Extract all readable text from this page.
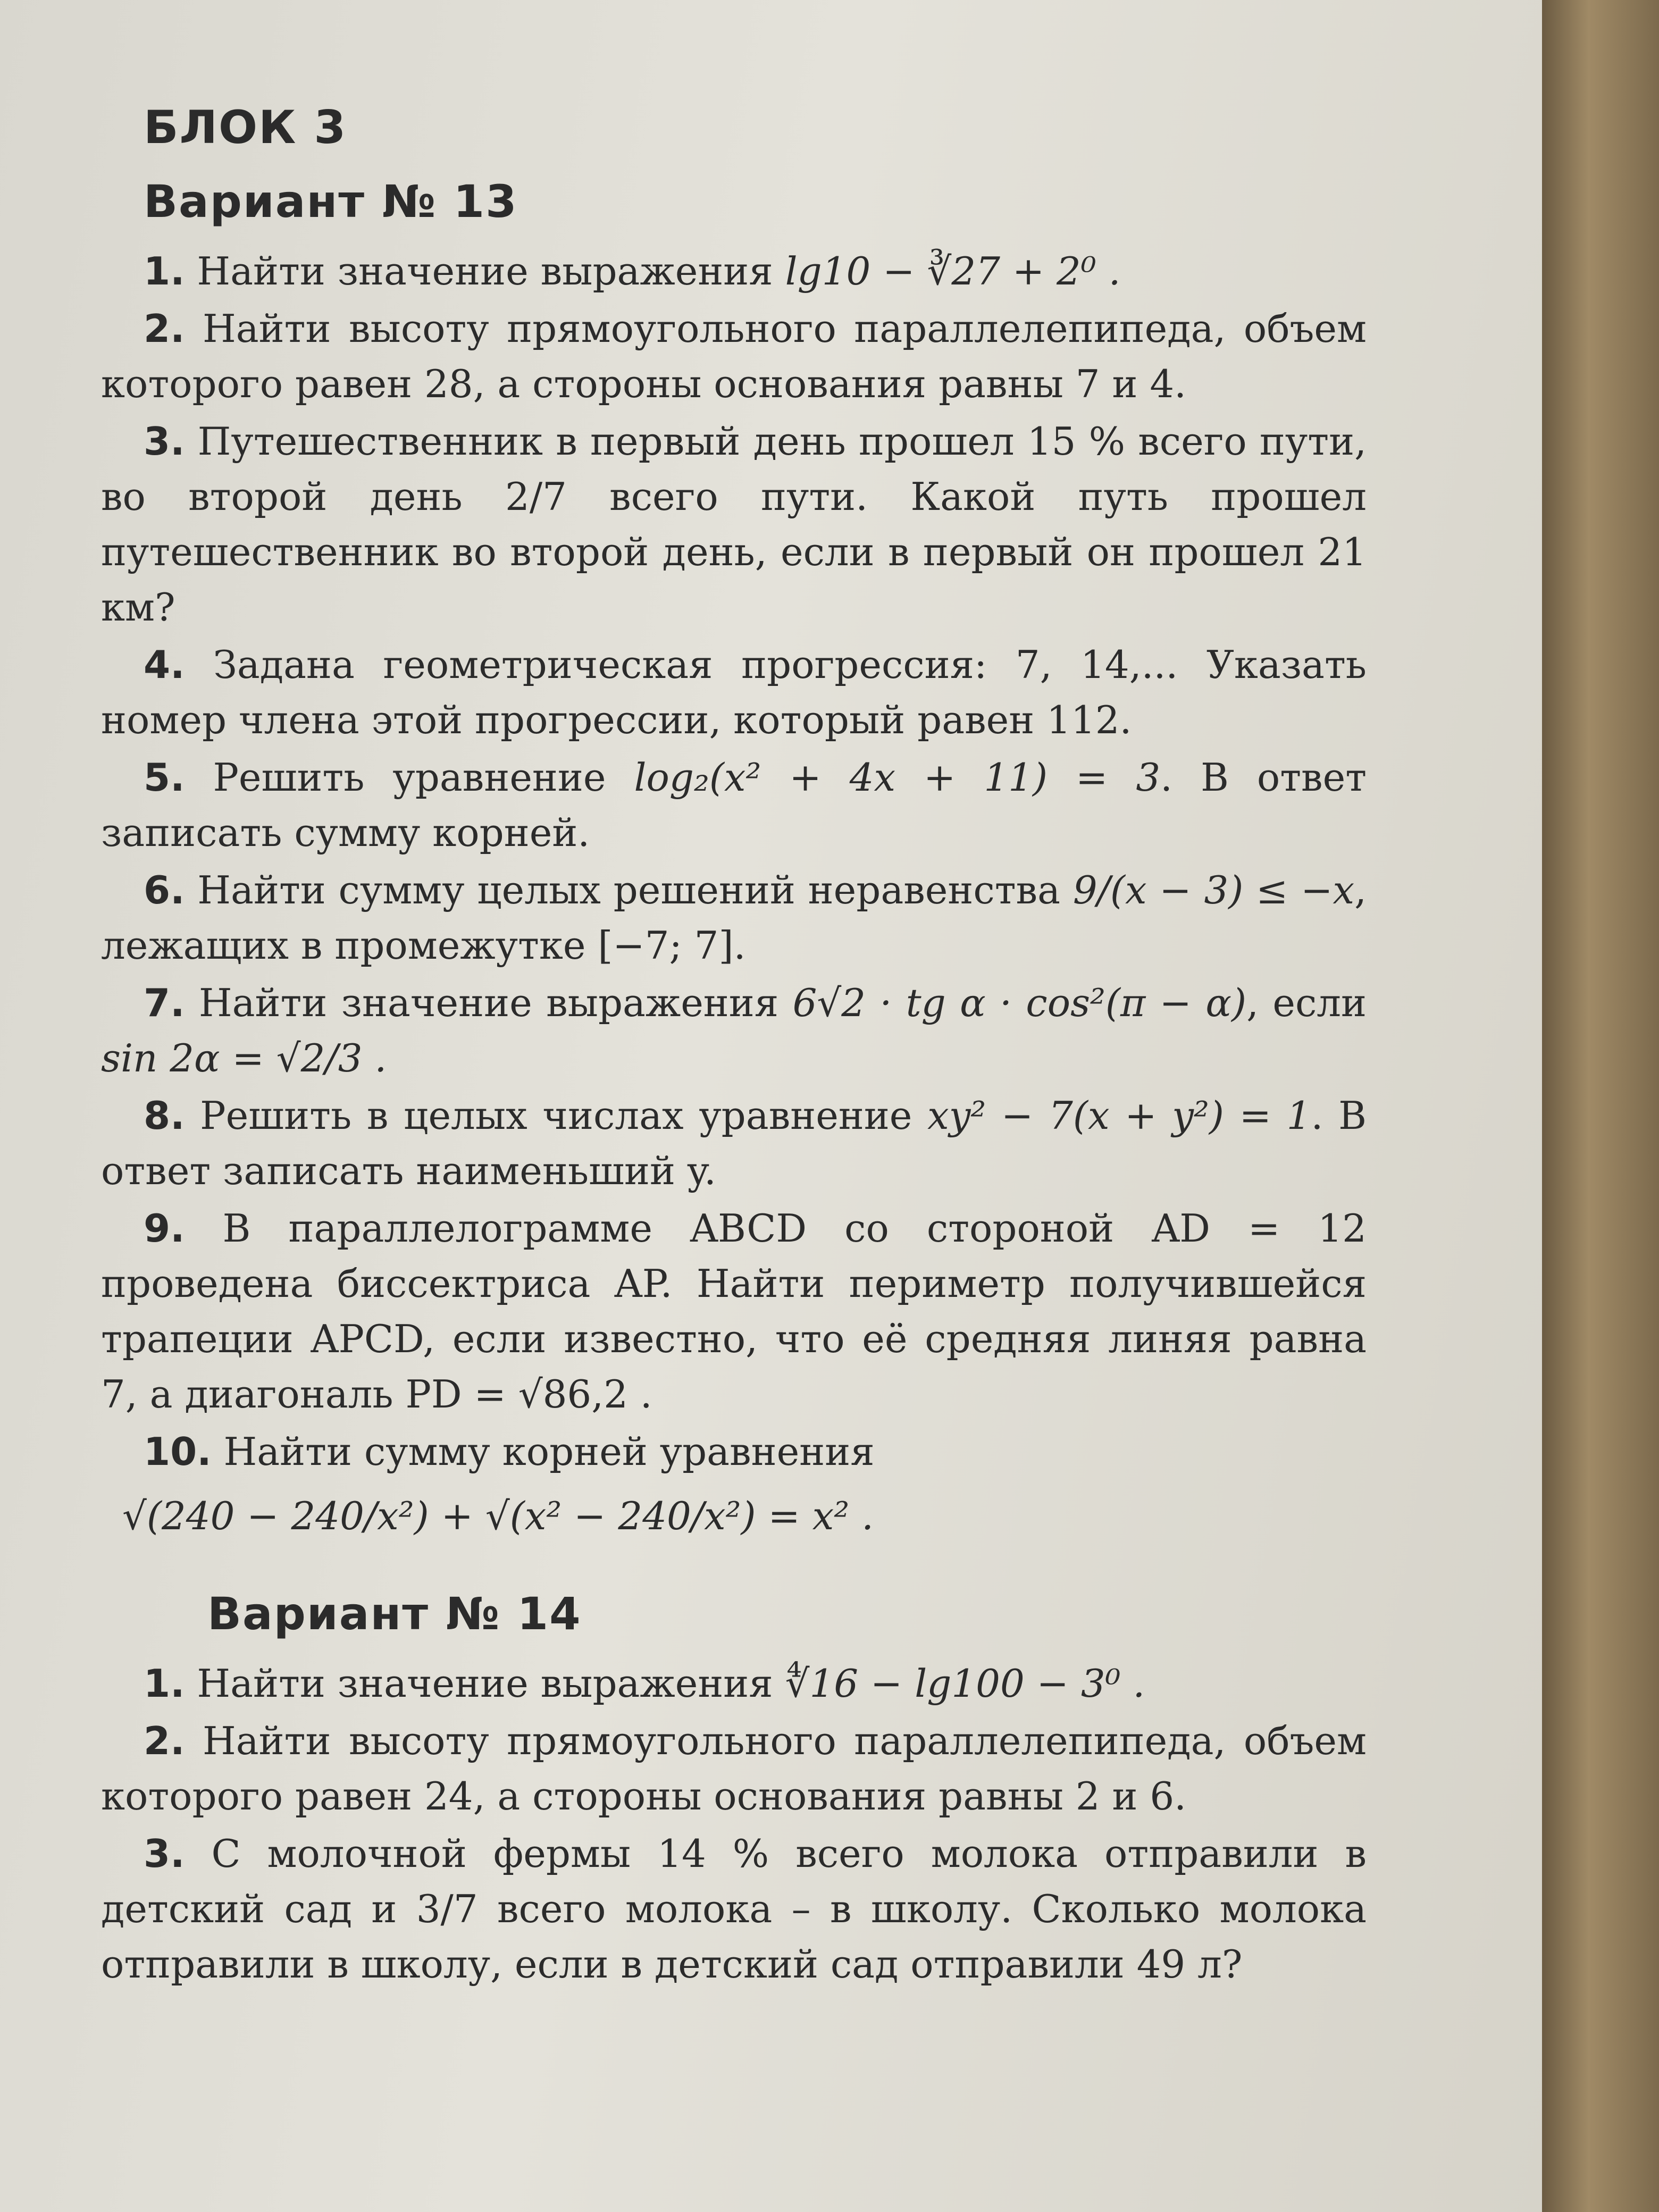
БЛОК 3
Вариант № 13
1. Найти значение выражения lg10 − ∛27 + 2⁰ .
2. Найти высоту прямоугольного параллелепипеда, объем которого равен 28, а стороны основания равны 7 и 4.
3. Путешественник в первый день прошел 15 % всего пути, во второй день 2/7 всего пути. Какой путь прошел путешественник во второй день, если в первый он прошел 21 км?
4. Задана геометрическая прогрессия: 7, 14,... Указать номер члена этой прогрессии, который равен 112.
5. Решить уравнение log₂(x² + 4x + 11) = 3. В ответ записать сумму корней.
6. Найти сумму целых решений неравенства 9/(x − 3) ≤ −x, лежащих в промежутке [−7; 7].
7. Найти значение выражения 6√2 · tg α · cos²(π − α), если sin 2α = √2/3 .
8. Решить в целых числах уравнение xy² − 7(x + y²) = 1. В ответ записать наименьший y.
9. В параллелограмме ABCD со стороной AD = 12 проведена биссектриса AP. Найти периметр получившейся трапеции APCD, если известно, что её средняя линяя равна 7, а диагональ PD = √86,2 .
10. Найти сумму корней уравнения
√(240 − 240/x²) + √(x² − 240/x²) = x² .
Вариант № 14
1. Найти значение выражения ∜16 − lg100 − 3⁰ .
2. Найти высоту прямоугольного параллелепипеда, объем которого равен 24, а стороны основания равны 2 и 6.
3. С молочной фермы 14 % всего молока отправили в детский сад и 3/7 всего молока – в школу. Сколько молока отправили в школу, если в детский сад отправили 49 л?
